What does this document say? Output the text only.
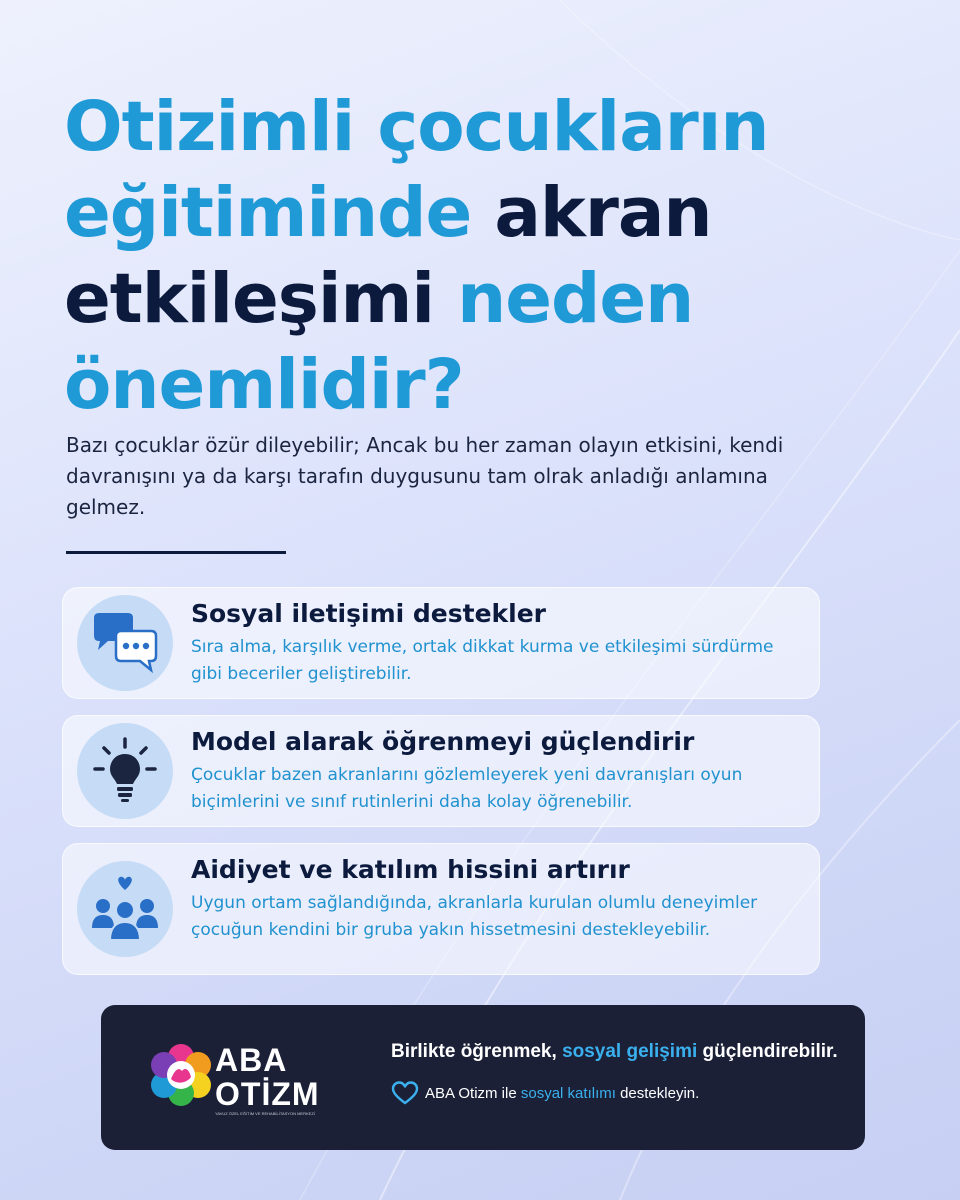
Otizimli çocukların
eğitiminde akran
etkileşimi neden
önemlidir?

Bazı çocuklar özür dileyebilir; Ancak bu her zaman olayın etkisini, kendi davranışını ya da karşı tarafın duygusunu tam olrak anladığı anlamına gelmez.

Sosyal iletişimi destekler

Sıra alma, karşılık verme, ortak dikkat kurma ve etkileşimi sürdürme gibi beceriler geliştirebilir.

Model alarak öğrenmeyi güçlendirir

Çocuklar bazen akranlarını gözlemleyerek yeni davranışları oyun biçimlerini ve sınıf rutinlerini daha kolay öğrenebilir.

Aidiyet ve katılım hissini artırır

Uygun ortam sağlandığında, akranlarla kurulan olumlu deneyimler çocuğun kendini bir gruba yakın hissetmesini destekleyebilir.

ABA
OTİZM
YAVUZ ÖZEL EĞİTİM VE REHABİLİTASYON MERKEZİ

Birlikte öğrenmek, sosyal gelişimi güçlendirebilir.

ABA Otizm ile
sosyal katılımı
destekleyin.
